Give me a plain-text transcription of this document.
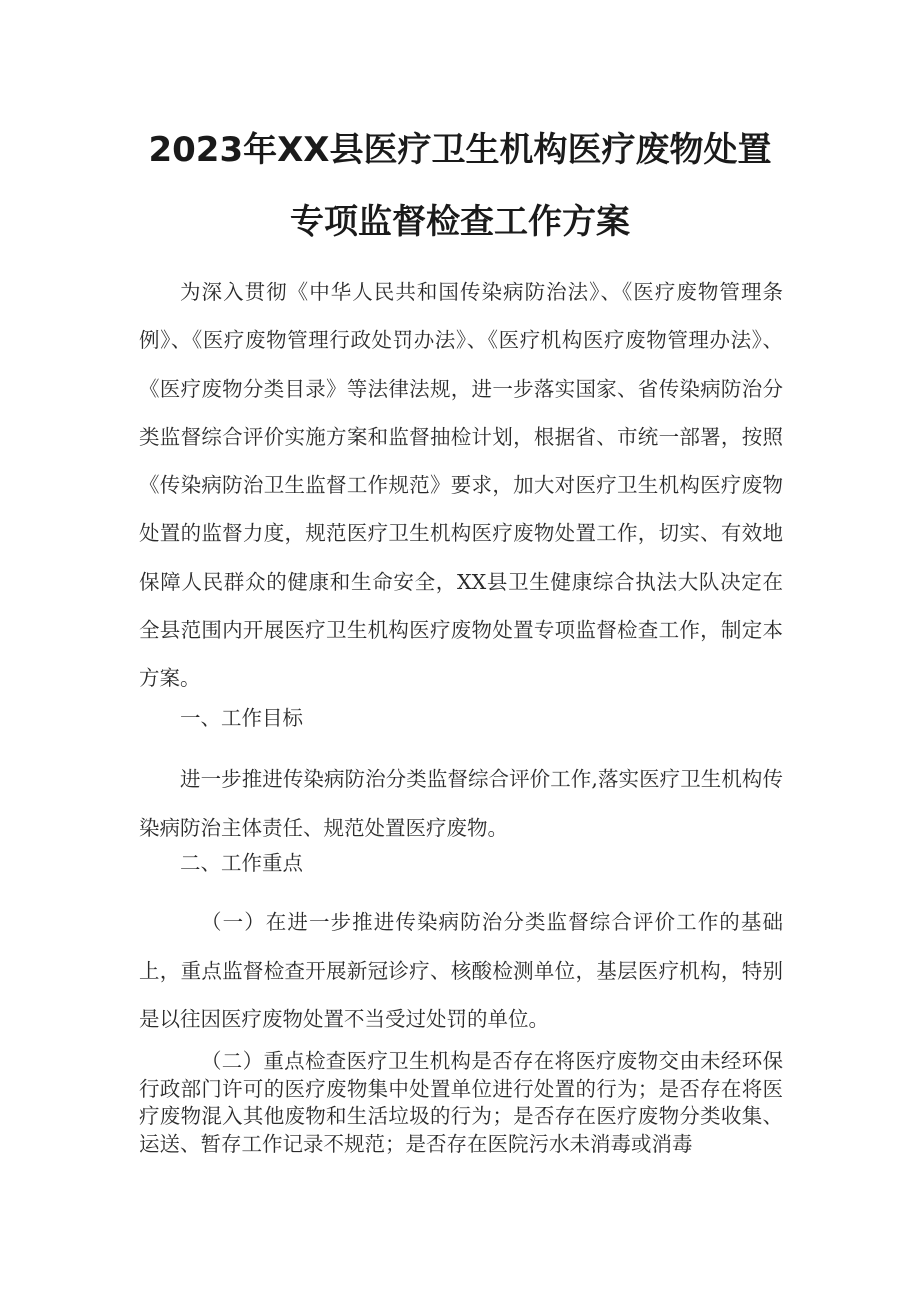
2023年XX县医疗卫生机构医疗废物处置
专项监督检查工作方案
为深入贯彻《中华人民共和国传染病防治法》、《医疗废物管理条例》、《医疗废物管理行政处罚办法》、《医疗机构医疗废物管理办法》、《医疗废物分类目录》等法律法规，进一步落实国家、省传染病防治分类监督综合评价实施方案和监督抽检计划，根据省、市统一部署，按照《传染病防治卫生监督工作规范》要求，加大对医疗卫生机构医疗废物处置的监督力度，规范医疗卫生机构医疗废物处置工作，切实、有效地保障人民群众的健康和生命安全，XX县卫生健康综合执法大队决定在全县范围内开展医疗卫生机构医疗废物处置专项监督检查工作，制定本方案。
一、工作目标
进一步推进传染病防治分类监督综合评价工作,落实医疗卫生机构传染病防治主体责任、规范处置医疗废物。
二、工作重点
（一）在进一步推进传染病防治分类监督综合评价工作的基础上，重点监督检查开展新冠诊疗、核酸检测单位，基层医疗机构，特别是以往因医疗废物处置不当受过处罚的单位。
（二）重点检查医疗卫生机构是否存在将医疗废物交由未经环保行政部门许可的医疗废物集中处置单位进行处置的行为；是否存在将医疗废物混入其他废物和生活垃圾的行为；是否存在医疗废物分类收集、运送、暂存工作记录不规范；是否存在医院污水未消毒或消毒
